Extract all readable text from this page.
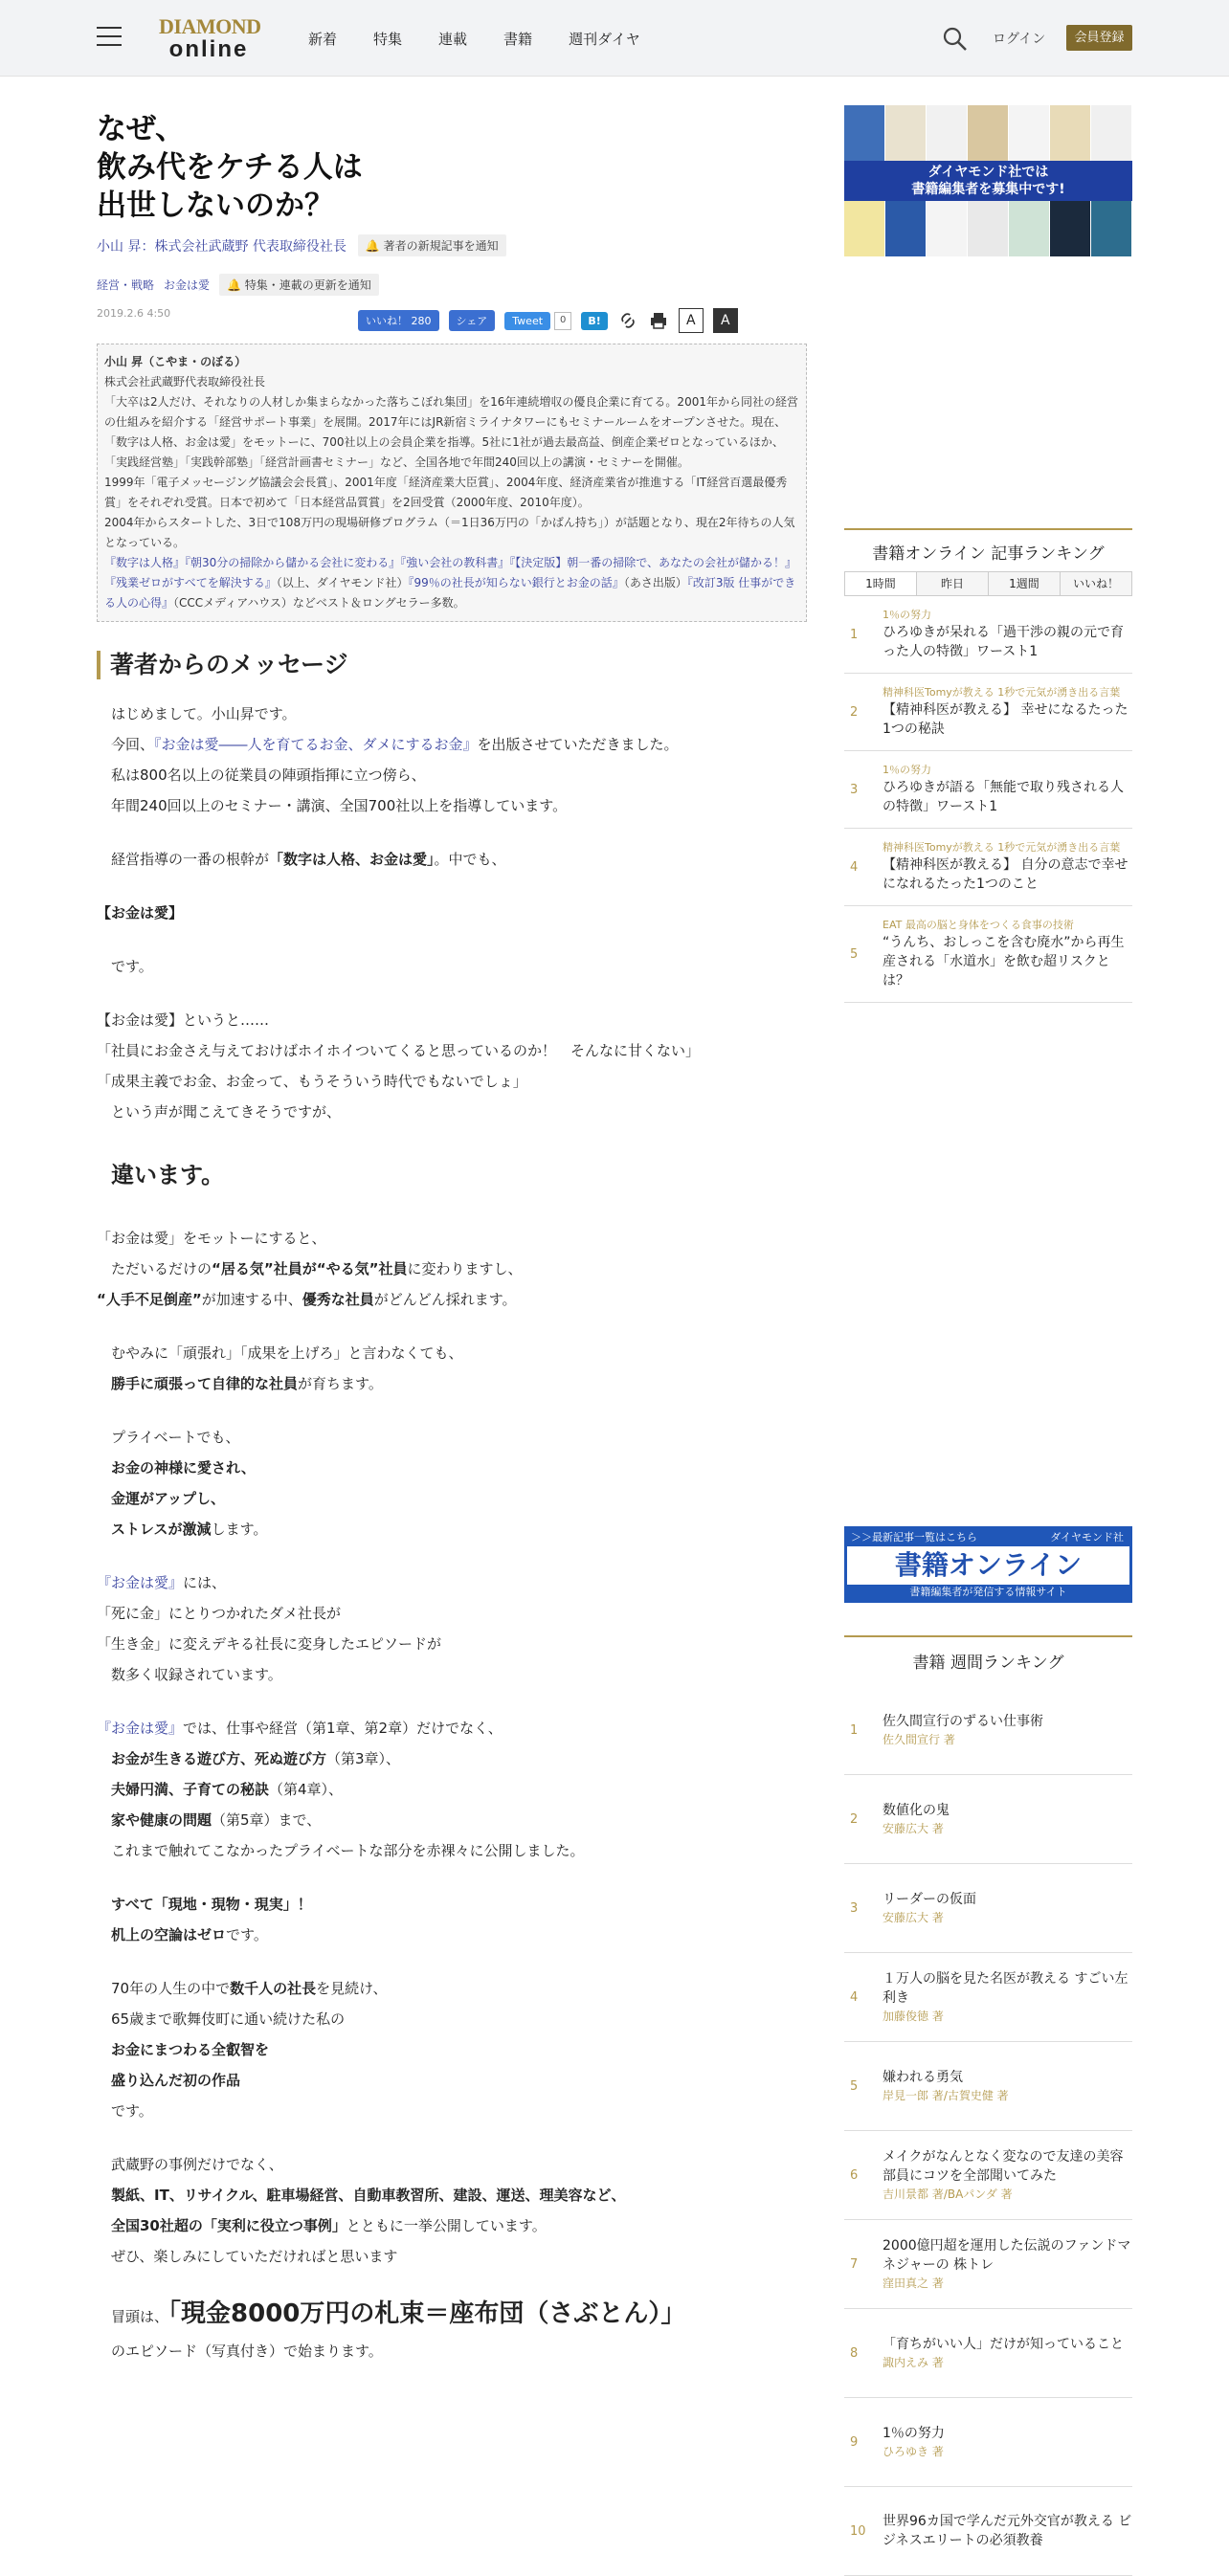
DIAMOND
online	新着	特集	連載	書籍	週刊ダイヤ	ログイン	会員登録
なぜ、
飲み代をケチる人は
出世しないのか？
小山 昇：株式会社武蔵野 代表取締役社長	🔔 著者の新規記事を通知
経営・戦略 お金は愛	🔔 特集・連載の更新を通知
2019.2.6 4:50
いいね！ 280	シェア	Tweet	0	B!	A	A
小山 昇（こやま・のぼる）
株式会社武蔵野代表取締役社長
「大卒は2人だけ、それなりの人材しか集まらなかった落ちこぼれ集団」を16年連続増収の優良企業に育てる。2001年から同社の経営の仕組みを紹介する「経営サポート事業」を展開。2017年にはJR新宿ミライナタワーにもセミナールームをオープンさせた。現在、「数字は人格、お金は愛」をモットーに、700社以上の会員企業を指導。5社に1社が過去最高益、倒産企業ゼロとなっているほか、「実践経営塾」「実践幹部塾」「経営計画書セミナー」など、全国各地で年間240回以上の講演・セミナーを開催。
1999年「電子メッセージング協議会会長賞」、2001年度「経済産業大臣賞」、2004年度、経済産業省が推進する「IT経営百選最優秀賞」をそれぞれ受賞。日本で初めて「日本経営品質賞」を2回受賞（2000年度、2010年度）。
2004年からスタートした、3日で108万円の現場研修プログラム（＝1日36万円の「かばん持ち」）が話題となり、現在2年待ちの人気となっている。
『数字は人格』『朝30分の掃除から儲かる会社に変わる』『強い会社の教科書』『【決定版】朝一番の掃除で、あなたの会社が儲かる！』『残業ゼロがすべてを解決する』（以上、ダイヤモンド社）『99％の社長が知らない銀行とお金の話』（あさ出版）『改訂3版 仕事ができる人の心得』（CCCメディアハウス）などベスト＆ロングセラー多数。
著者からのメッセージ

はじめまして。小山昇です。

今回、『お金は愛――人を育てるお金、ダメにするお金』を出版させていただきました。

私は800名以上の従業員の陣頭指揮に立つ傍ら、

年間240回以上のセミナー・講演、全国700社以上を指導しています。

経営指導の一番の根幹が「数字は人格、お金は愛」。中でも、

【お金は愛】

です。

【お金は愛】というと……

「社員にお金さえ与えておけばホイホイついてくると思っているのか！　そんなに甘くない」

「成果主義でお金、お金って、もうそういう時代でもないでしょ」

という声が聞こえてきそうですが、

違います。

「お金は愛」をモットーにすると、

ただいるだけの“居る気”社員が“やる気”社員に変わりますし、

“人手不足倒産”が加速する中、優秀な社員がどんどん採れます。

むやみに「頑張れ」「成果を上げろ」と言わなくても、

勝手に頑張って自律的な社員が育ちます。

プライベートでも、

お金の神様に愛され、

金運がアップし、

ストレスが激減します。

『お金は愛』には、

「死に金」にとりつかれたダメ社長が

「生き金」に変えデキる社長に変身したエピソードが

数多く収録されています。

『お金は愛』では、仕事や経営（第1章、第2章）だけでなく、

お金が生きる遊び方、死ぬ遊び方（第3章）、

夫婦円満、子育ての秘訣（第4章）、

家や健康の問題（第5章）まで、

これまで触れてこなかったプライベートな部分を赤裸々に公開しました。

すべて「現地・現物・現実」！

机上の空論はゼロです。

70年の人生の中で数千人の社長を見続け、

65歳まで歌舞伎町に通い続けた私の

お金にまつわる全叡智を

盛り込んだ初の作品

です。

武蔵野の事例だけでなく、

製紙、IT、リサイクル、駐車場経営、自動車教習所、建設、運送、理美容など、

全国30社超の「実利に役立つ事例」とともに一挙公開しています。

ぜひ、楽しみにしていただければと思います

冒頭は、「現金8000万円の札束＝座布団（さぶとん）」

のエピソード（写真付き）で始まります。

ダイヤモンド社では
書籍編集者を募集中です!
書籍オンライン 記事ランキング
1時間	昨日	1週間	いいね！
1
1％の努力
ひろゆきが呆れる「過干渉の親の元で育った人の特徴」ワースト1
2
精神科医Tomyが教える 1秒で元気が湧き出る言葉
【精神科医が教える】 幸せになるたった1つの秘訣
3
1％の努力
ひろゆきが語る「無能で取り残される人の特徴」ワースト1
4
精神科医Tomyが教える 1秒で元気が湧き出る言葉
【精神科医が教える】 自分の意志で幸せになれるたった1つのこと
5
EAT 最高の脳と身体をつくる食事の技術
“うんち、おしっこを含む廃水”から再生産される「水道水」を飲む超リスクとは？
＞＞最新記事一覧はこちら	ダイヤモンド社
書籍オンライン
書籍編集者が発信する情報サイト
書籍 週間ランキング
1
佐久間宣行のずるい仕事術
佐久間宣行 著
2
数値化の鬼
安藤広大 著
3
リーダーの仮面
安藤広大 著
4
１万人の脳を見た名医が教える すごい左利き
加藤俊徳 著
5
嫌われる勇気
岸見一郎 著/古賀史健 著
6
メイクがなんとなく変なので友達の美容部員にコツを全部聞いてみた
吉川景都 著/BAパンダ 著
7
2000億円超を運用した伝説のファンドマネジャーの 株トレ
窪田真之 著
8
「育ちがいい人」だけが知っていること
諏内えみ 著
9
1％の努力
ひろゆき 著
10
世界96カ国で学んだ元外交官が教える ビジネスエリートの必須教養
